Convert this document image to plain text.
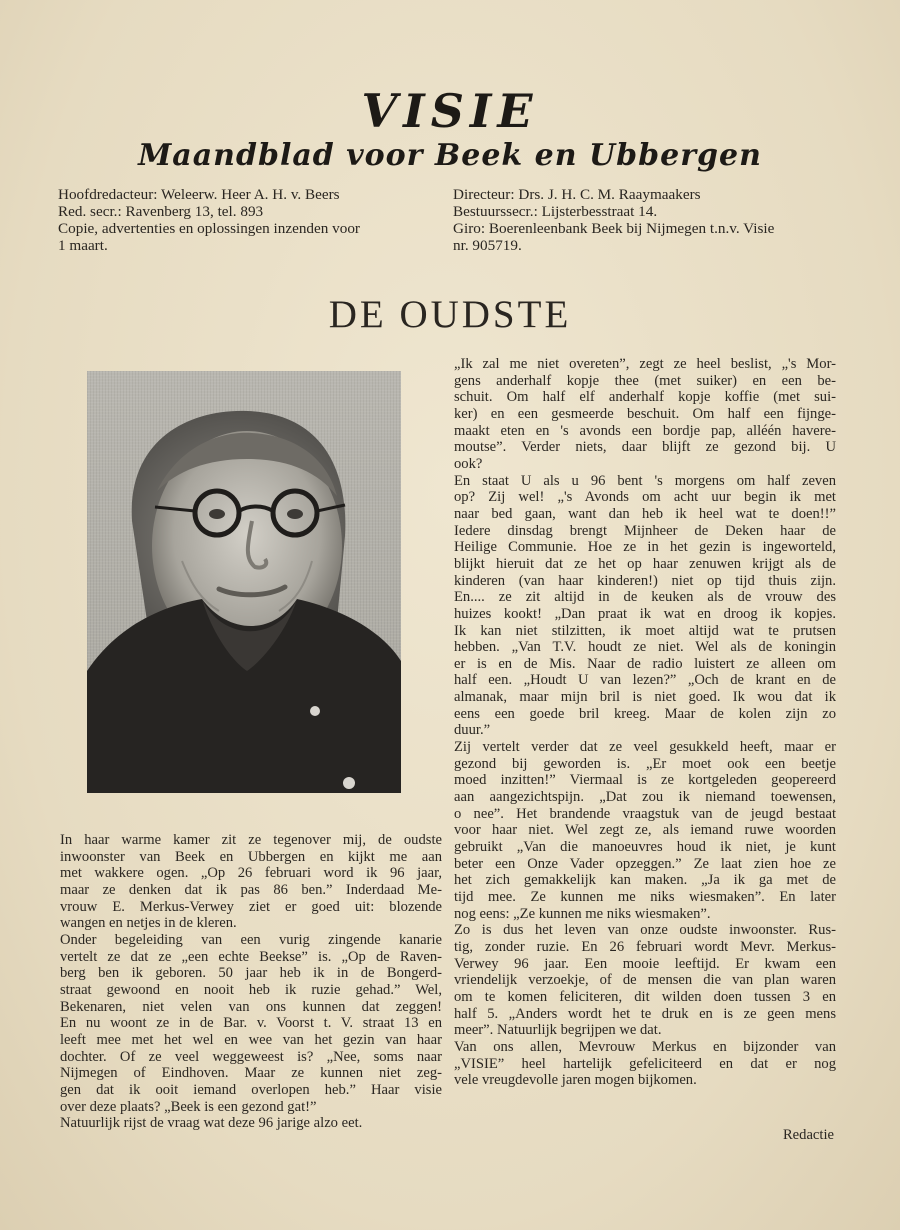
VISIE
Maandblad voor Beek en Ubbergen
Hoofdredacteur: Weleerw. Heer A. H. v. Beers
Red. secr.: Ravenberg 13, tel. 893
Copie, advertenties en oplossingen inzenden voor
1 maart.
Directeur: Drs. J. H. C. M. Raaymaakers
Bestuurssecr.: Lijsterbesstraat 14.
Giro: Boerenleenbank Beek bij Nijmegen t.n.v. Visie
nr. 905719.
DE OUDSTE
In haar warme kamer zit ze tegenover mij, de oudste
inwoonster van Beek en Ubbergen en kijkt me aan
met wakkere ogen. „Op 26 februari word ik 96 jaar,
maar ze denken dat ik pas 86 ben.” Inderdaad Me-
vrouw E. Merkus-Verwey ziet er goed uit: blozende
wangen en netjes in de kleren.
Onder begeleiding van een vurig zingende kanarie
vertelt ze dat ze „een echte Beekse” is. „Op de Raven-
berg ben ik geboren. 50 jaar heb ik in de Bongerd-
straat gewoond en nooit heb ik ruzie gehad.” Wel,
Bekenaren, niet velen van ons kunnen dat zeggen!
En nu woont ze in de Bar. v. Voorst t. V. straat 13 en
leeft mee met het wel en wee van het gezin van haar
dochter. Of ze veel weggeweest is? „Nee, soms naar
Nijmegen of Eindhoven. Maar ze kunnen niet zeg-
gen dat ik ooit iemand overlopen heb.” Haar visie
over deze plaats? „Beek is een gezond gat!”
Natuurlijk rijst de vraag wat deze 96 jarige alzo eet.
„Ik zal me niet overeten”, zegt ze heel beslist, „'s Mor-
gens anderhalf kopje thee (met suiker) en een be-
schuit. Om half elf anderhalf kopje koffie (met sui-
ker) en een gesmeerde beschuit. Om half een fijnge-
maakt eten en 's avonds een bordje pap, alléén havere-
moutse”. Verder niets, daar blijft ze gezond bij. U
ook?
En staat U als u 96 bent 's morgens om half zeven
op? Zij wel! „'s Avonds om acht uur begin ik met
naar bed gaan, want dan heb ik heel wat te doen!!”
Iedere dinsdag brengt Mijnheer de Deken haar de
Heilige Communie. Hoe ze in het gezin is ingeworteld,
blijkt hieruit dat ze het op haar zenuwen krijgt als de
kinderen (van haar kinderen!) niet op tijd thuis zijn.
En.... ze zit altijd in de keuken als de vrouw des
huizes kookt! „Dan praat ik wat en droog ik kopjes.
Ik kan niet stilzitten, ik moet altijd wat te prutsen
hebben. „Van T.V. houdt ze niet. Wel als de koningin
er is en de Mis. Naar de radio luistert ze alleen om
half een. „Houdt U van lezen?” „Och de krant en de
almanak, maar mijn bril is niet goed. Ik wou dat ik
eens een goede bril kreeg. Maar de kolen zijn zo
duur.”
Zij vertelt verder dat ze veel gesukkeld heeft, maar er
gezond bij geworden is. „Er moet ook een beetje
moed inzitten!” Viermaal is ze kortgeleden geopereerd
aan aangezichtspijn. „Dat zou ik niemand toewensen,
o nee”. Het brandende vraagstuk van de jeugd bestaat
voor haar niet. Wel zegt ze, als iemand ruwe woorden
gebruikt „Van die manoeuvres houd ik niet, je kunt
beter een Onze Vader opzeggen.” Ze laat zien hoe ze
het zich gemakkelijk kan maken. „Ja ik ga met de
tijd mee. Ze kunnen me niks wiesmaken”. En later
nog eens: „Ze kunnen me niks wiesmaken”.
Zo is dus het leven van onze oudste inwoonster. Rus-
tig, zonder ruzie. En 26 februari wordt Mevr. Merkus-
Verwey 96 jaar. Een mooie leeftijd. Er kwam een
vriendelijk verzoekje, of de mensen die van plan waren
om te komen feliciteren, dit wilden doen tussen 3 en
half 5. „Anders wordt het te druk en is ze geen mens
meer”. Natuurlijk begrijpen we dat.
Van ons allen, Mevrouw Merkus en bijzonder van
„VISIE” heel hartelijk gefeliciteerd en dat er nog
vele vreugdevolle jaren mogen bijkomen.
Redactie
